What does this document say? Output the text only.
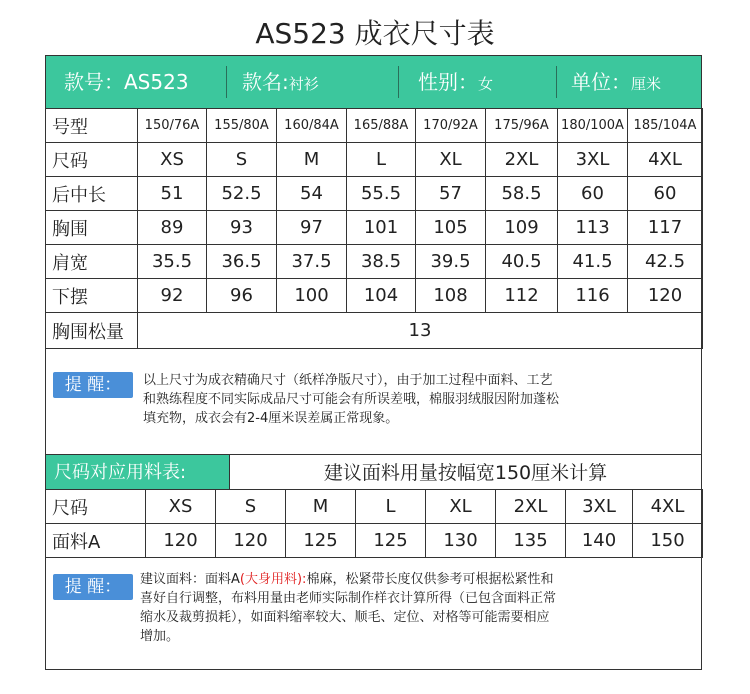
AS523 成衣尺寸表
款号：AS523	款名:衬衫	性别：女	单位：厘米
号型	150/76A	155/80A	160/84A	165/88A	170/92A	175/96A	180/100A	185/104A
尺码	XS	S	M	L	XL	2XL	3XL	4XL
后中长	51	52.5	54	55.5	57	58.5	60	60
胸围	89	93	97	101	105	109	113	117
肩宽	35.5	36.5	37.5	38.5	39.5	40.5	41.5	42.5
下摆	92	96	100	104	108	112	116	120
胸围松量	13							
提 醒：	以上尺寸为成衣精确尺寸（纸样净版尺寸），由于加工过程中面料、工艺
和熟练程度不同实际成品尺寸可能会有所误差哦，棉服羽绒服因附加蓬松
填充物，成衣会有2-4厘米误差属正常现象。
尺码对应用料表:	建议面料用量按幅宽150厘米计算
尺码	XS	S	M	L	XL	2XL	3XL	4XL
面料A	120	120	125	125	130	135	140	150
提 醒：	建议面料：面料A(大身用料):棉麻，松紧带长度仅供参考可根据松紧性和
喜好自行调整，布料用量由老师实际制作样衣计算所得（已包含面料正常
缩水及裁剪损耗），如面料缩率较大、顺毛、定位、对格等可能需要相应
增加。
